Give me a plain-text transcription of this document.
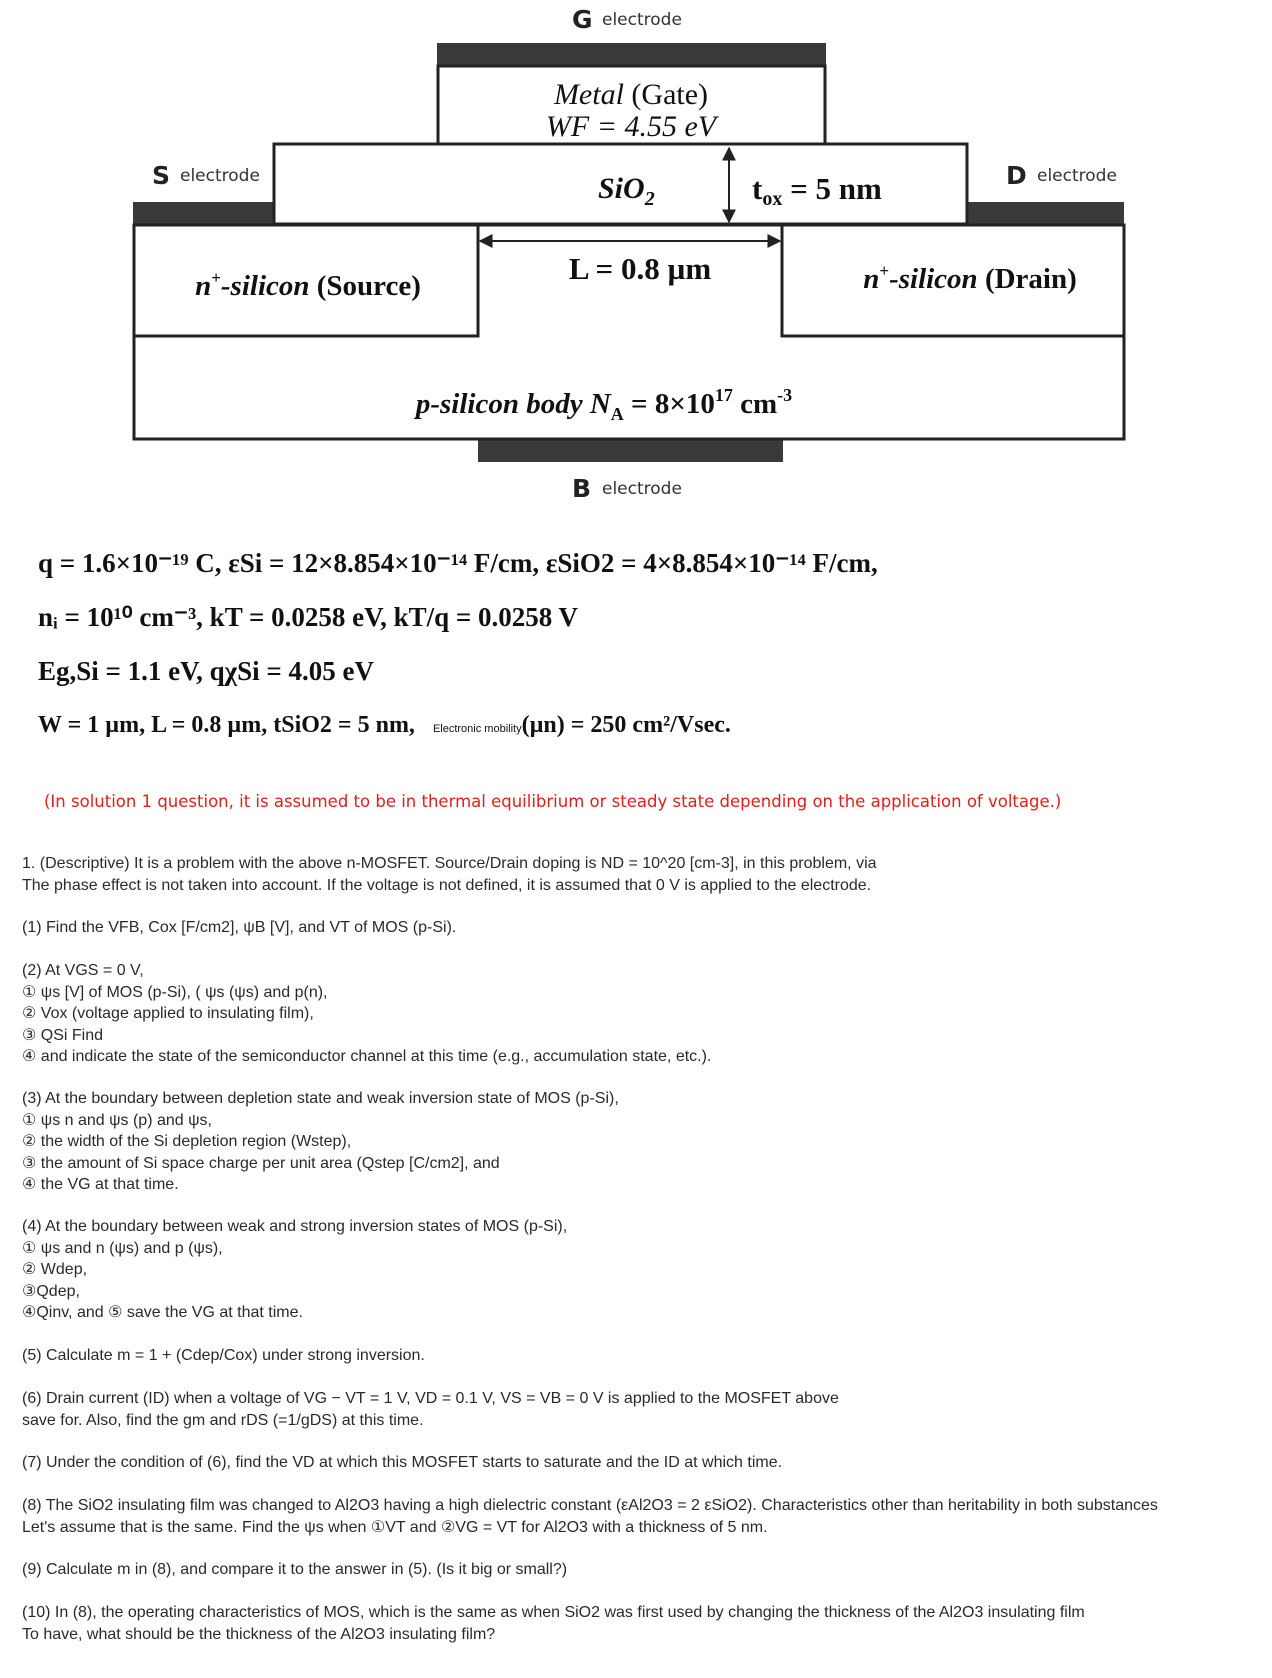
G electrode
S electrode	D electrode
B electrode
Metal (Gate)
WF = 4.55 eV
SiO$_2$	tox = 5 nm
L = 0.8 µm
n+-silicon (Source)	n+-silicon (Drain)
p-silicon body $N_A = 8\times 10^{17}$ $cm^{-3}$
q = 1.6×10⁻¹⁹ C, εSi = 12×8.854×10⁻¹⁴ F/cm, εSiO2 = 4×8.854×10⁻¹⁴ F/cm,
nᵢ = 10¹⁰ cm⁻³, kT = 0.0258 eV, kT/q = 0.0258 V
Eg,Si = 1.1 eV, qχSi = 4.05 eV
W = 1 µm, L = 0.8 µm, tSiO2 = 5 nm, Electronic mobility(µn) = 250 cm²/Vsec.
(In solution 1 question, it is assumed to be in thermal equilibrium or steady state depending on the application of voltage.)
1. (Descriptive) It is a problem with the above n-MOSFET. Source/Drain doping is ND = 10^20 [cm-3], in this problem, via
The phase effect is not taken into account. If the voltage is not defined, it is assumed that 0 V is applied to the electrode.
(1) Find the VFB, Cox [F/cm2], ψB [V], and VT of MOS (p-Si).
(2) At VGS = 0 V,
① ψs [V] of MOS (p-Si), ( ψs (ψs) and p(n),
② Vox (voltage applied to insulating film),
③ QSi Find
④ and indicate the state of the semiconductor channel at this time (e.g., accumulation state, etc.).
(3) At the boundary between depletion state and weak inversion state of MOS (p-Si),
① ψs n and ψs (p) and ψs,
② the width of the Si depletion region (Wstep),
③ the amount of Si space charge per unit area (Qstep [C/cm2], and
④ the VG at that time.
(4) At the boundary between weak and strong inversion states of MOS (p-Si),
① ψs and n (ψs) and p (ψs),
② Wdep,
③Qdep,
④Qinv, and ⑤ save the VG at that time.
(5) Calculate m = 1 + (Cdep/Cox) under strong inversion.
(6) Drain current (ID) when a voltage of VG − VT = 1 V, VD = 0.1 V, VS = VB = 0 V is applied to the MOSFET above
save for. Also, find the gm and rDS (=1/gDS) at this time.
(7) Under the condition of (6), find the VD at which this MOSFET starts to saturate and the ID at which time.
(8) The SiO2 insulating film was changed to Al2O3 having a high dielectric constant (εAl2O3 = 2 εSiO2). Characteristics other than heritability in both substances
Let's assume that is the same. Find the ψs when ①VT and ②VG = VT for Al2O3 with a thickness of 5 nm.
(9) Calculate m in (8), and compare it to the answer in (5). (Is it big or small?)
(10) In (8), the operating characteristics of MOS, which is the same as when SiO2 was first used by changing the thickness of the Al2O3 insulating film
To have, what should be the thickness of the Al2O3 insulating film?
